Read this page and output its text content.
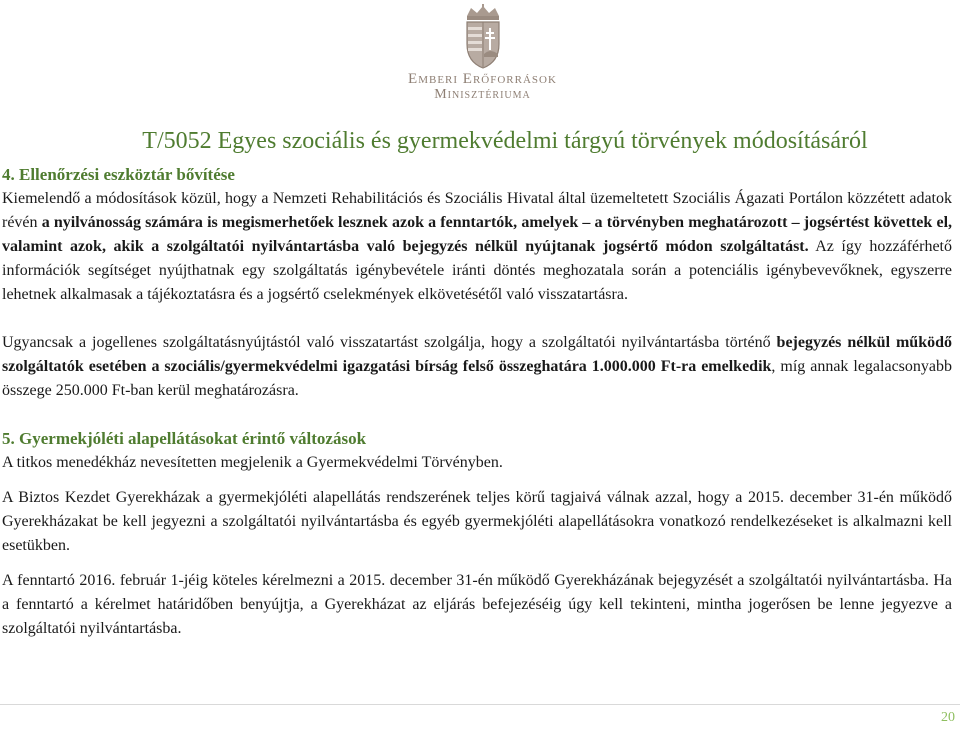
Emberi Erőforrások
Minisztériuma
T/5052 Egyes szociális és gyermekvédelmi tárgyú törvények módosításáról

4. Ellenőrzési eszköztár bővítése

Kiemelendő a módosítások közül, hogy a Nemzeti Rehabilitációs és Szociális Hivatal által üzemeltetett Szociális Ágazati Portálon közzétett adatok révén a nyilvánosság számára is megismerhetőek lesznek azok a fenntartók, amelyek – a törvényben meghatározott – jogsértést követtek el, valamint azok, akik a szolgáltatói nyilvántartásba való bejegyzés nélkül nyújtanak jogsértő módon szolgáltatást. Az így hozzáférhető információk segítséget nyújthatnak egy szolgáltatás igénybevétele iránti döntés meghozatala során a potenciális igénybevevőknek, egyszerre lehetnek alkalmasak a tájékoztatásra és a jogsértő cselekmények elkövetésétől való visszatartásra.

Ugyancsak a jogellenes szolgáltatásnyújtástól való visszatartást szolgálja, hogy a szolgáltatói nyilvántartásba történő bejegyzés nélkül működő szolgáltatók esetében a szociális/gyermekvédelmi igazgatási bírság felső összeghatára 1.000.000 Ft-ra emelkedik, míg annak legalacsonyabb összege 250.000 Ft-ban kerül meghatározásra.

5. Gyermekjóléti alapellátásokat érintő változások

A titkos menedékház nevesítetten megjelenik a Gyermekvédelmi Törvényben.

A Biztos Kezdet Gyerekházak a gyermekjóléti alapellátás rendszerének teljes körű tagjaivá válnak azzal, hogy a 2015. december 31-én működő Gyerekházakat be kell jegyezni a szolgáltatói nyilvántartásba és egyéb gyermekjóléti alapellátásokra vonatkozó rendelkezéseket is alkalmazni kell esetükben.

A fenntartó 2016. február 1-jéig köteles kérelmezni a 2015. december 31-én működő Gyerekházának bejegyzését a szolgáltatói nyilvántartásba. Ha a fenntartó a kérelmet határidőben benyújtja, a Gyerekházat az eljárás befejezéséig úgy kell tekinteni, mintha jogerősen be lenne jegyezve a szolgáltatói nyilvántartásba.

20
